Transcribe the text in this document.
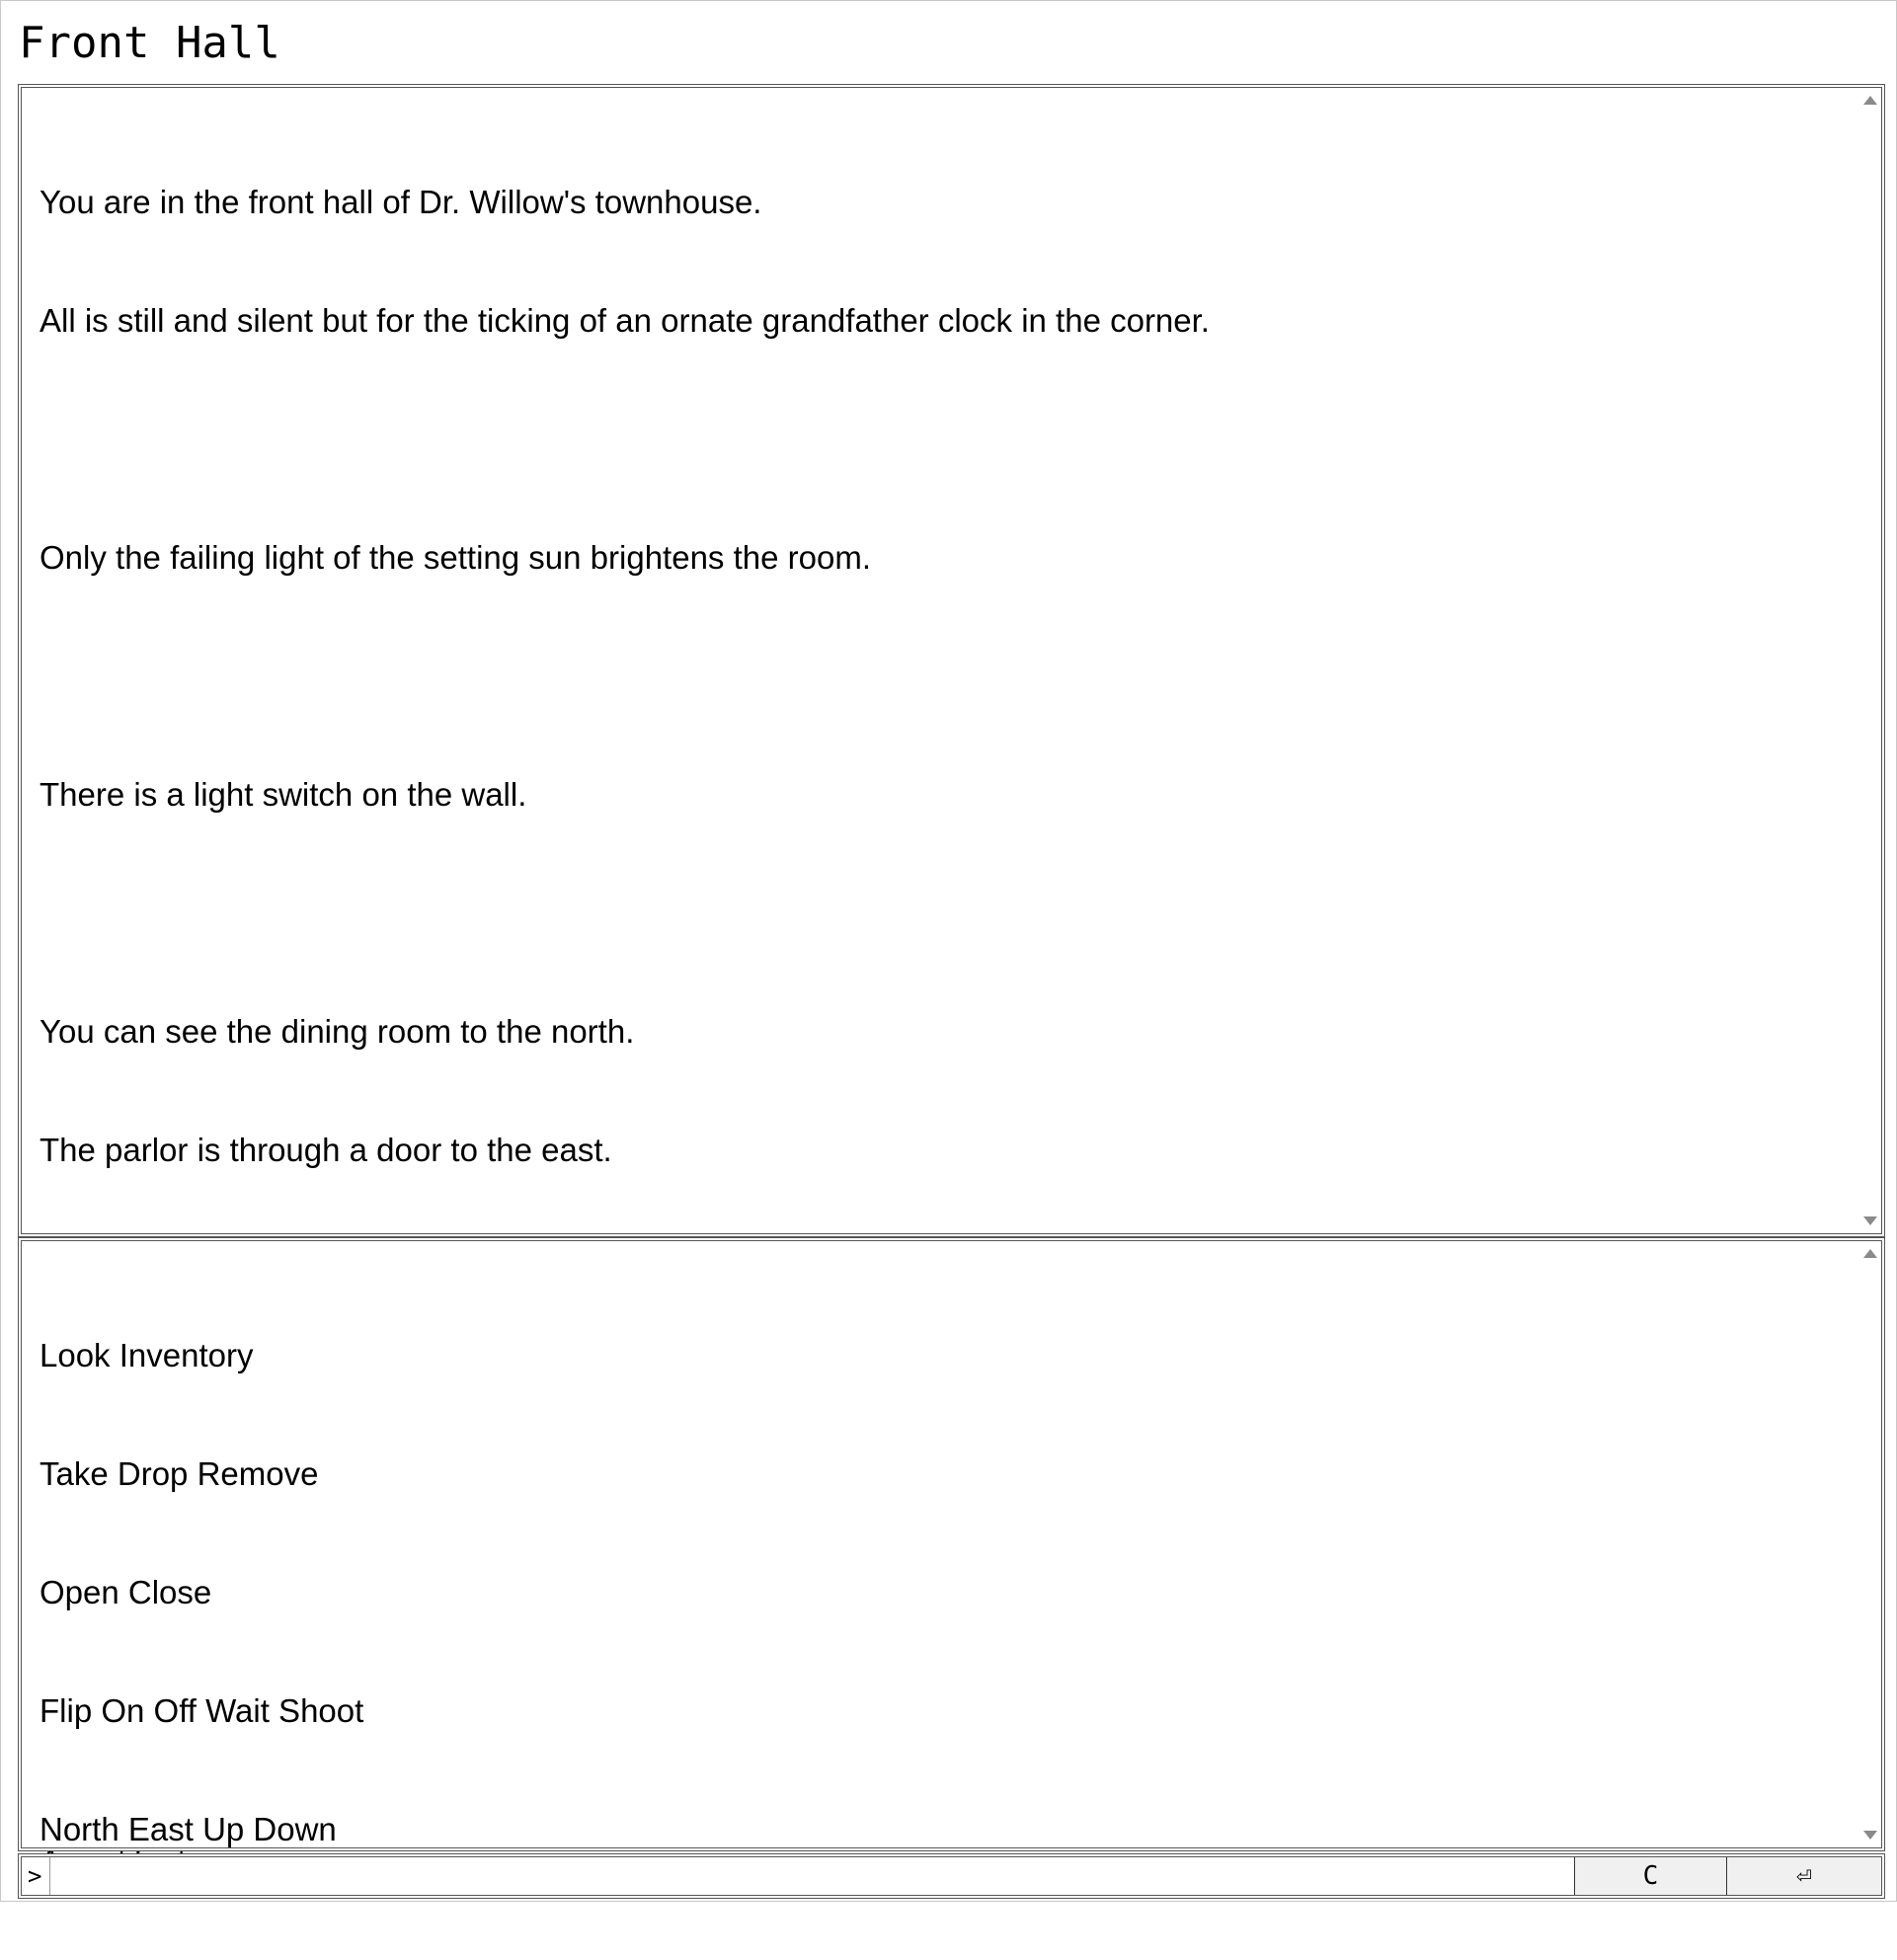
Front Hall

You are in the front hall of Dr. Willow's townhouse.

All is still and silent but for the ticking of an ornate grandfather clock in the corner.

Only the failing light of the setting sun brightens the room.

There is a light switch on the wall.

You can see the dining room to the north.

The parlor is through a door to the east.

Look Inventory

Take Drop Remove

Open Close

Flip On Off Wait Shoot

North East Up Down

>	C	⏎
